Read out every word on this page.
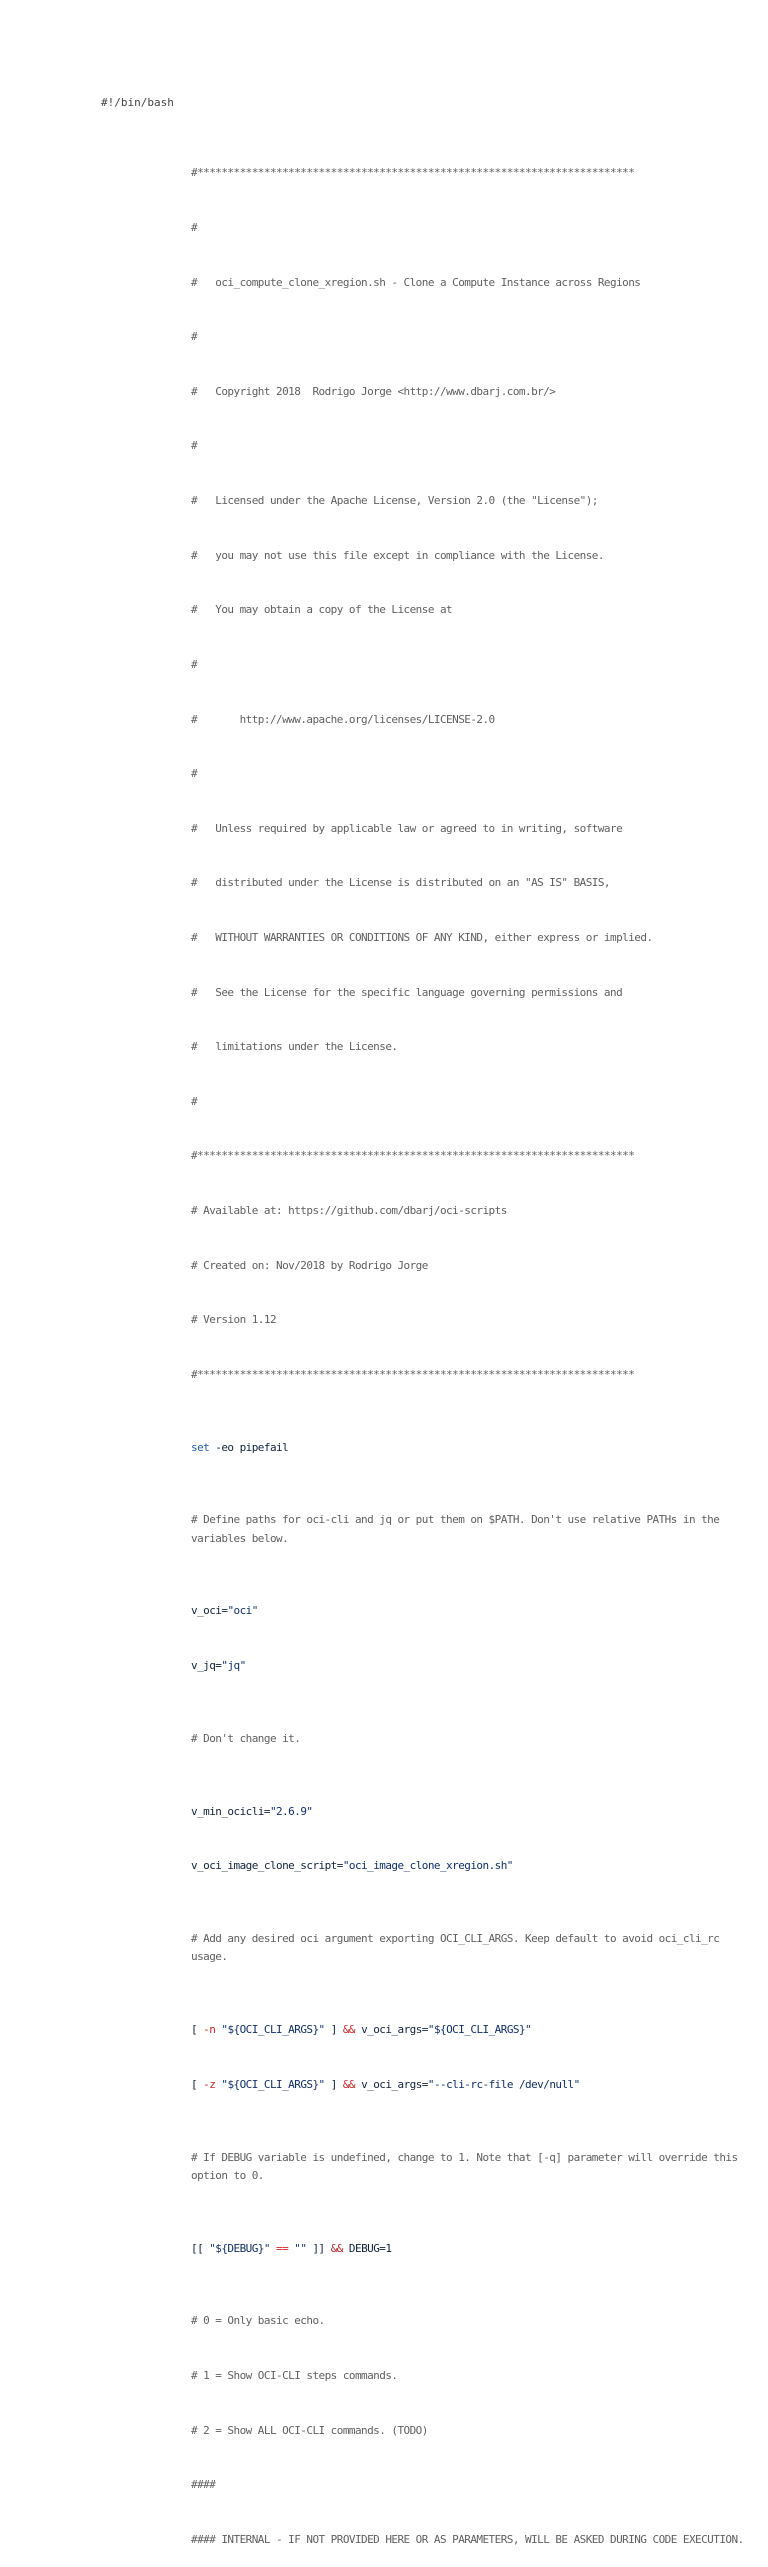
#!/bin/bash

#************************************************************************

#

#   oci_compute_clone_xregion.sh - Clone a Compute Instance across Regions

#

#   Copyright 2018  Rodrigo Jorge <http://www.dbarj.com.br/>

#

#   Licensed under the Apache License, Version 2.0 (the "License");

#   you may not use this file except in compliance with the License.

#   You may obtain a copy of the License at

#

#       http://www.apache.org/licenses/LICENSE-2.0

#

#   Unless required by applicable law or agreed to in writing, software

#   distributed under the License is distributed on an "AS IS" BASIS,

#   WITHOUT WARRANTIES OR CONDITIONS OF ANY KIND, either express or implied.

#   See the License for the specific language governing permissions and

#   limitations under the License.

#

#************************************************************************

# Available at: https://github.com/dbarj/oci-scripts

# Created on: Nov/2018 by Rodrigo Jorge

# Version 1.12

#************************************************************************

set -eo pipefail

# Define paths for oci-cli and jq or put them on $PATH. Don't use relative PATHs in the variables below.

v_oci="oci"

v_jq="jq"

# Don't change it.

v_min_ocicli="2.6.9"

v_oci_image_clone_script="oci_image_clone_xregion.sh"

# Add any desired oci argument exporting OCI_CLI_ARGS. Keep default to avoid oci_cli_rc usage.

[ -n "${OCI_CLI_ARGS}" ] && v_oci_args="${OCI_CLI_ARGS}"

[ -z "${OCI_CLI_ARGS}" ] && v_oci_args="--cli-rc-file /dev/null"

# If DEBUG variable is undefined, change to 1. Note that [-q] parameter will override this option to 0.

[[ "${DEBUG}" == "" ]] && DEBUG=1

# 0 = Only basic echo.

# 1 = Show OCI-CLI steps commands.

# 2 = Show ALL OCI-CLI commands. (TODO)

####

#### INTERNAL - IF NOT PROVIDED HERE OR AS PARAMETERS, WILL BE ASKED DURING CODE EXECUTION.
